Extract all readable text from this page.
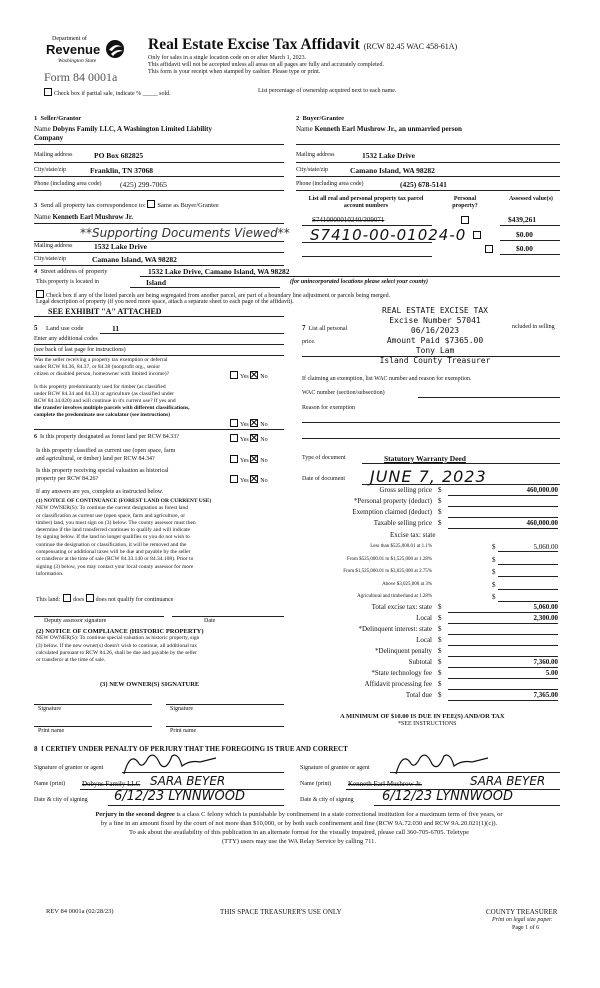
Department of
Revenue
Washington State
Form 84 0001a
Real Estate Excise Tax Affidavit (RCW 82.45 WAC 458-61A)
Only for sales in a single location code on or after March 1, 2023.
This affidavit will not be accepted unless all areas on all pages are fully and accurately completed.
This form is your receipt when stamped by cashier. Please type or print.
Check box if partial sale, indicate % _____ sold.	List percentage of ownership acquired next to each name.
1 Seller/Grantor
Name Dobyns Family LLC, A Washington Limited Liability
Company
Mailing address	PO Box 682825
City/state/zip	Franklin, TN 37068
Phone (including area code) (425) 299-7065
2 Buyer/Grantee
Name Kenneth Earl Mushrow Jr., an unmarried person
Mailing address	1532 Lake Drive
City/state/zip	Camano Island, WA 98282
Phone (including area code)	(425) 678-5141
3 Send all property tax correspondence to: Same as Buyer/Grantee
Name Kenneth Earl Mushrow Jr.
**Supporting Documents Viewed**
Mailing address	1532 Lake Drive
City/state/zip	Camano Island, WA 98282
List all real and personal property tax parcel account numbers
Personal property?
Assessed value(s)
S7410000010240/309071
	$439,261
S7410-00-01024-0
	$0.00
$0.00
4 Street address of property	1532 Lake Drive, Camano Island, WA 98282
This property is located in	Island	(for unincorporated locations please select your county)
Check box if any of the listed parcels are being segregated from another parcel, are part of a boundary line adjustment or parcels being merged.
Legal description of property (if you need more space, attach a separate sheet to each page of the affidavit).
SEE EXHIBIT "A" ATTACHED	REAL ESTATE EXCISE TAX
Excise Number 57041
06/16/2023
Amount Paid $7365.00
Tony Lam
Island County Treasurer
5 Land use code	11
Enter any additional codes
(see back of last page for instructions)
Was the seller receiving a property tax exemption or deferral
under RCW 84.36, 84.37, or 84.38 (nonprofit org., senior
citizen or disabled person, homeowner with limited income)?	Yes No
Is this property predominantly used for timber (as classified
under RCW 84.34 and 84.33) or agriculture (as classified under
RCW 84.34.020) and will continue in it's current use? If yes and
the transfer involves multiple parcels with different classifications,
complete the predominate use calculator (see instructions)
Yes No
6 Is this property designated as forest land per RCW 84.33?	Yes No
Is this property classified as current use (open space, farm
and agricultural, or timber) land per RCW 84.34?	Yes No
Is this property receiving special valuation as historical
property per RCW 84.26?	Yes No
If any answers are yes, complete as instructed below.
(1) NOTICE OF CONTINUANCE (FOREST LAND OR CURRENT USE)
NEW OWNER(S): To continue the current designation as forest land
or classification as current use (open space, farm and agriculture, or
timber) land, you must sign on (3) below. The county assessor must then
determine if the land transferred continues to qualify and will indicate
by signing below. If the land no longer qualifies or you do not wish to
continue the designation or classification, it will be removed and the
compensating or additional taxes will be due and payable by the seller
or transferor at the time of sale (RCW 84.33.140 or 84.34.108). Prior to
signing (3) below, you may contact your local county assessor for more
information.
This land: does does not qualify for continuance
Deputy assessor signature	Date
(2) NOTICE OF COMPLIANCE (HISTORIC PROPERTY)
NEW OWNER(S): To continue special valuation as historic property, sign
(3) below. If the new owner(s) doesn't wish to continue, all additional tax
calculated pursuant to RCW 84.26, shall be due and payable by the seller
or transferor at the time of sale.
(3) NEW OWNER(S) SIGNATURE
Signature	Signature
Print name	Print name
7 List all personal	ncluded in selling
price.
If claiming an exemption, list WAC number and reason for exemption.
WAC number (section/subsection)
Reason for exemption
Type of document	Statutory Warranty Deed
Date of document JUNE 7, 2023
Gross selling price $	460,000.00
*Personal property (deduct) $
Exemption claimed (deduct) $
Taxable selling price $	460,000.00
Excise tax: state
Less than $525,000.01 at 1.1%	$	5,060.00
From $525,000.01 to $1,525,000 at 1.28%	$
From $1,525,000.01 to $3,025,000 at 2.75%	$
Above $3,025,000 at 3%	$
Agricultural and timberland at 1.28%	$
Total excise tax: state $	5,060.00
Local $	2,300.00
*Delinquent interest: state $
Local $
*Delinquent penalty $
Subtotal $	7,360.00
*State technology fee $	5.00
Affidavit processing fee $
Total due $	7,365.00
A MINIMUM OF $10.00 IS DUE IN FEE(S) AND/OR TAX
*SEE INSTRUCTIONS
8 I CERTIFY UNDER PENALTY OF PERJURY THAT THE FOREGOING IS TRUE AND CORRECT
Signature of grantor or agent
Name (print) Dobyns Family LLC SARA BEYER
Date & city of signing 6/12/23 LYNNWOOD
Signature of grantee or agent
Name (print) Kenneth Earl Mushrow Jr.	SARA BEYER
Date & city of signing 6/12/23 LYNNWOOD
Perjury in the second degree is a class C felony which is punishable by confinement in a state correctional institution for a maximum term of five years, or
by a fine in an amount fixed by the court of not more than $10,000, or by both such confinement and fine (RCW 9A.72.030 and RCW 9A.20.021(1)(c)).
To ask about the availability of this publication in an alternate format for the visually impaired, please call 360-705-6705. Teletype
(TTY) users may use the WA Relay Service by calling 711.
REV 84 0001a (02/28/23)	THIS SPACE TREASURER'S USE ONLY	COUNTY TREASURER
Print on legal size paper.
Page 1 of 6
